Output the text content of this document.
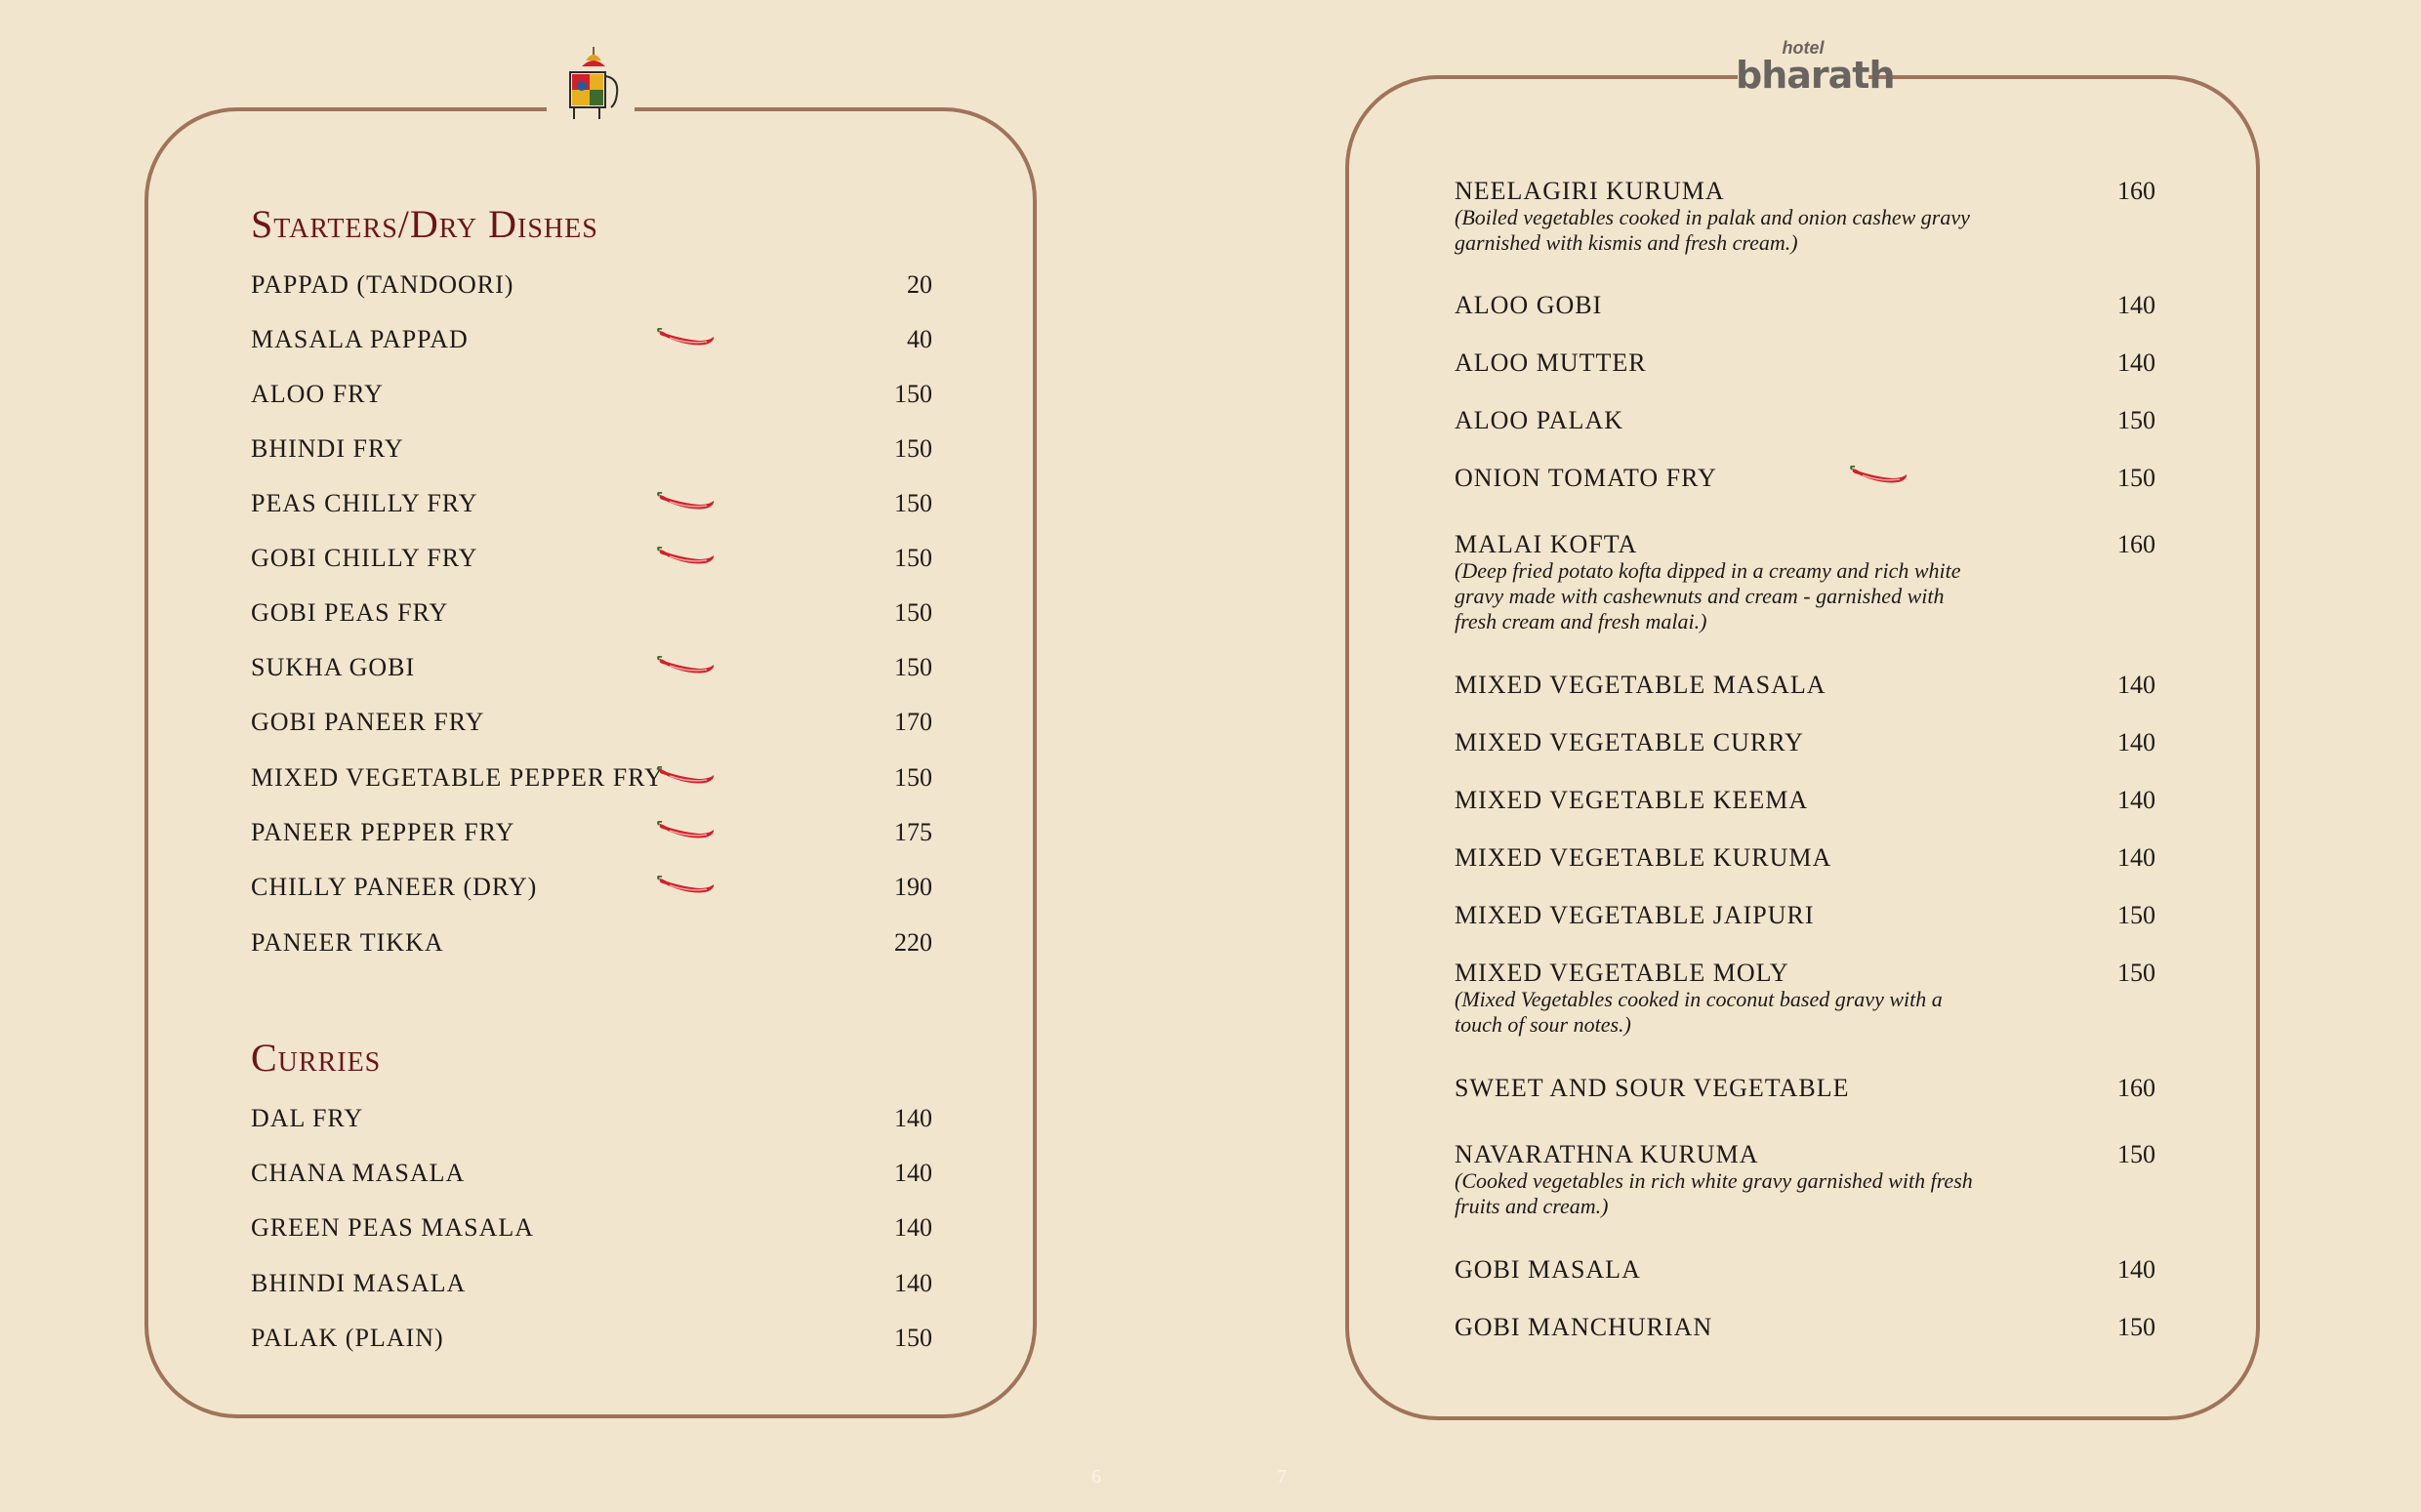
Starters/Dry Dishes
PAPPAD (TANDOORI)	20
MASALA PAPPAD	40
ALOO FRY	150
BHINDI FRY	150
PEAS CHILLY FRY	150
GOBI CHILLY FRY	150
GOBI PEAS FRY	150
SUKHA GOBI	150
GOBI PANEER FRY	170
MIXED VEGETABLE PEPPER FRY	150
PANEER PEPPER FRY	175
CHILLY PANEER (DRY)	190
PANEER TIKKA	220
Curries
DAL FRY	140
CHANA MASALA	140
GREEN PEAS MASALA	140
BHINDI MASALA	140
PALAK (PLAIN)	150
6
hotel
bharath
NEELAGIRI KURUMA	160
(Boiled vegetables cooked in palak and onion cashew gravy garnished with kismis and fresh cream.)
ALOO GOBI	140
ALOO MUTTER	140
ALOO PALAK	150
ONION TOMATO FRY	150
MALAI KOFTA	160
(Deep fried potato kofta dipped in a creamy and rich white gravy made with cashewnuts and cream - garnished with fresh cream and fresh malai.)
MIXED VEGETABLE MASALA	140
MIXED VEGETABLE CURRY	140
MIXED VEGETABLE KEEMA	140
MIXED VEGETABLE KURUMA	140
MIXED VEGETABLE JAIPURI	150
MIXED VEGETABLE MOLY	150
(Mixed Vegetables cooked in coconut based gravy with a touch of sour notes.)
SWEET AND SOUR VEGETABLE	160
NAVARATHNA KURUMA	150
(Cooked vegetables in rich white gravy garnished with fresh fruits and cream.)
GOBI MASALA	140
GOBI MANCHURIAN	150
7
